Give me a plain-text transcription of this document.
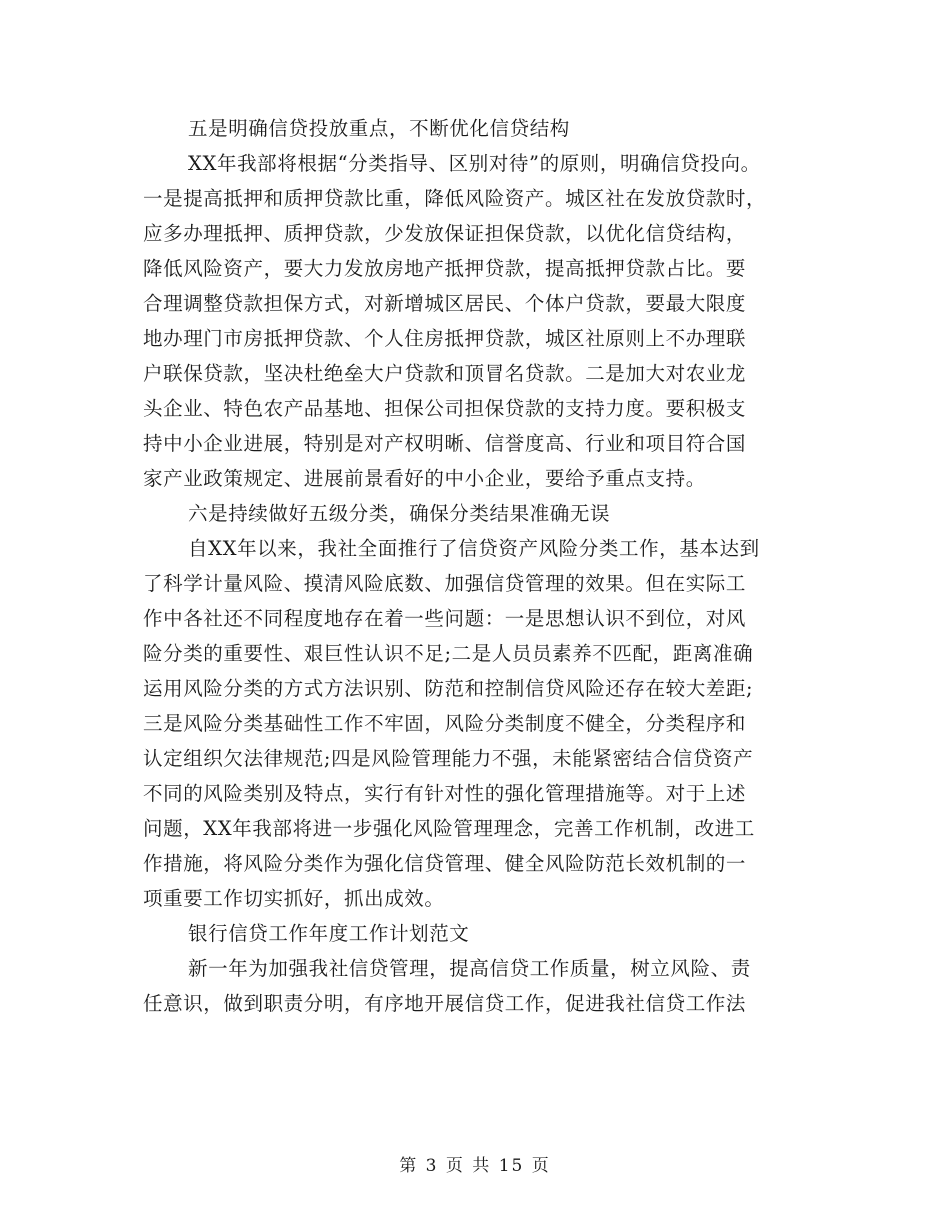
五是明确信贷投放重点，不断优化信贷结构
XX年我部将根据“分类指导、区别对待”的原则，明确信贷投向。
一是提高抵押和质押贷款比重，降低风险资产。城区社在发放贷款时，
应多办理抵押、质押贷款，少发放保证担保贷款，以优化信贷结构，
降低风险资产，要大力发放房地产抵押贷款，提高抵押贷款占比。要
合理调整贷款担保方式，对新增城区居民、个体户贷款，要最大限度
地办理门市房抵押贷款、个人住房抵押贷款，城区社原则上不办理联
户联保贷款，坚决杜绝垒大户贷款和顶冒名贷款。二是加大对农业龙
头企业、特色农产品基地、担保公司担保贷款的支持力度。要积极支
持中小企业进展，特别是对产权明晰、信誉度高、行业和项目符合国
家产业政策规定、进展前景看好的中小企业，要给予重点支持。
六是持续做好五级分类，确保分类结果准确无误
自XX年以来，我社全面推行了信贷资产风险分类工作，基本达到
了科学计量风险、摸清风险底数、加强信贷管理的效果。但在实际工
作中各社还不同程度地存在着一些问题：一是思想认识不到位，对风
险分类的重要性、艰巨性认识不足;二是人员员素养不匹配，距离准确
运用风险分类的方式方法识别、防范和控制信贷风险还存在较大差距;
三是风险分类基础性工作不牢固，风险分类制度不健全，分类程序和
认定组织欠法律规范;四是风险管理能力不强，未能紧密结合信贷资产
不同的风险类别及特点，实行有针对性的强化管理措施等。对于上述
问题，XX年我部将进一步强化风险管理理念，完善工作机制，改进工
作措施，将风险分类作为强化信贷管理、健全风险防范长效机制的一
项重要工作切实抓好，抓出成效。
银行信贷工作年度工作计划范文
新一年为加强我社信贷管理，提高信贷工作质量，树立风险、责
任意识，做到职责分明，有序地开展信贷工作，促进我社信贷工作法
第 3 页 共 15 页
